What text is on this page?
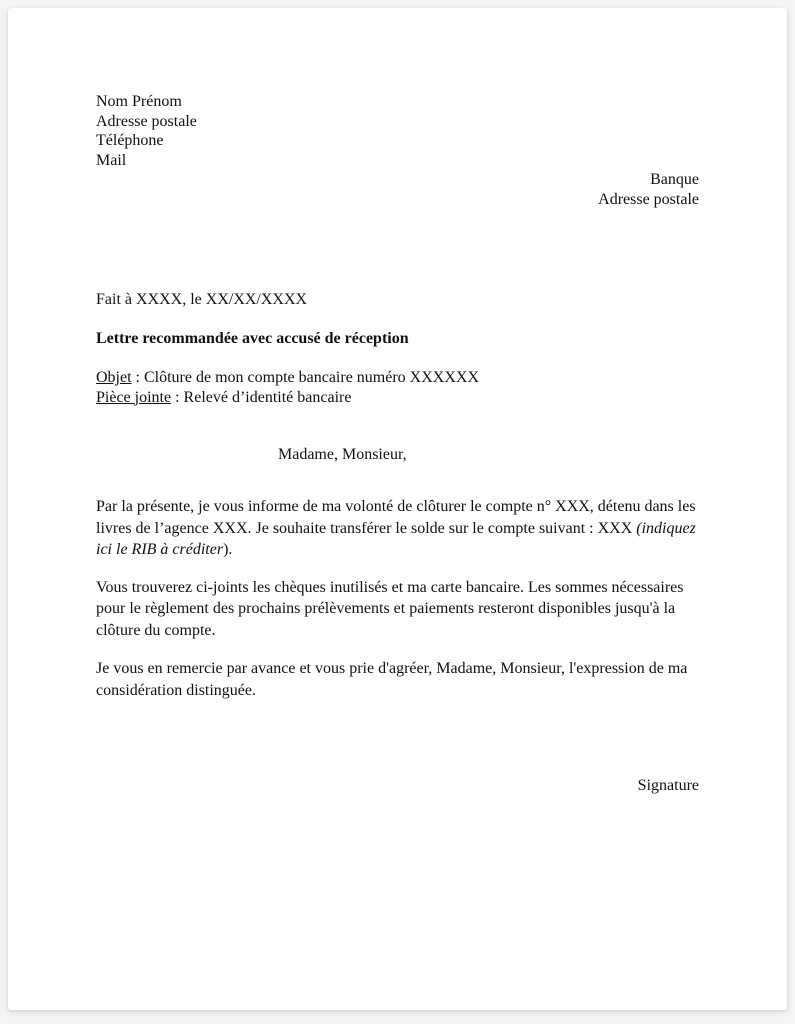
Nom Prénom
Adresse postale
Téléphone
Mail
Banque
Adresse postale
Fait à XXXX, le XX/XX/XXXX
Lettre recommandée avec accusé de réception
Objet : Clôture de mon compte bancaire numéro XXXXXX
Pièce jointe : Relevé d’identité bancaire
Madame, Monsieur,
Par la présente, je vous informe de ma volonté de clôturer le compte n° XXX, détenu dans les livres de l’agence XXX. Je souhaite transférer le solde sur le compte suivant : XXX (indiquez ici le RIB à créditer).
Vous trouverez ci-joints les chèques inutilisés et ma carte bancaire. Les sommes nécessaires pour le règlement des prochains prélèvements et paiements resteront disponibles jusqu'à la clôture du compte.
Je vous en remercie par avance et vous prie d'agréer, Madame, Monsieur, l'expression de ma considération distinguée.
Signature
